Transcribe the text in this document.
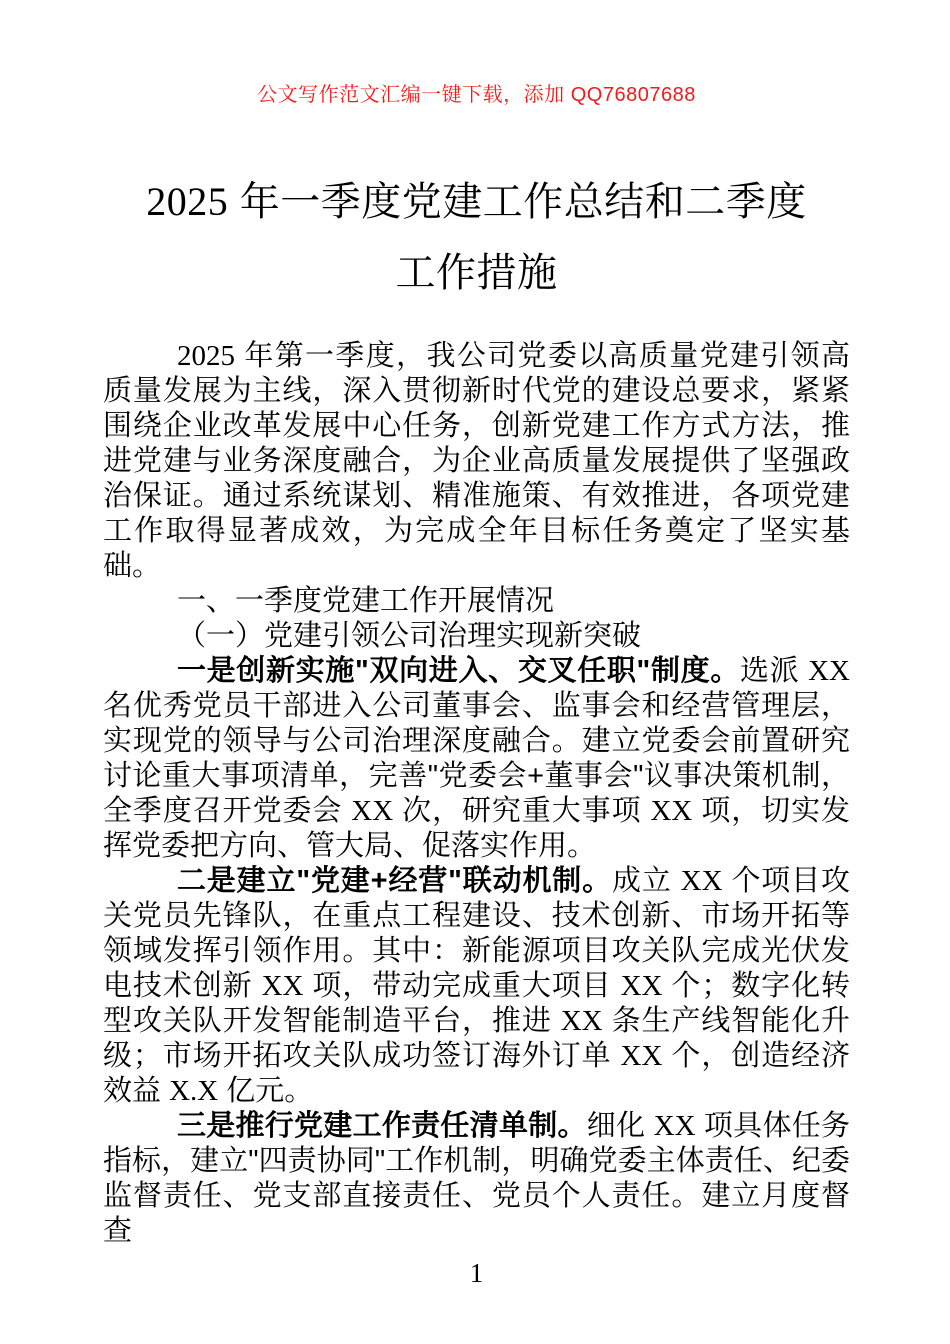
公文写作范文汇编一键下载，添加 QQ76807688
2025 年一季度党建工作总结和二季度工作措施

2025 年第一季度，我公司党委以高质量党建引领高质量发展为主线，深入贯彻新时代党的建设总要求，紧紧围绕企业改革发展中心任务，创新党建工作方式方法，推进党建与业务深度融合，为企业高质量发展提供了坚强政治保证。通过系统谋划、精准施策、有效推进，各项党建工作取得显著成效，为完成全年目标任务奠定了坚实基础。

一、一季度党建工作开展情况

（一）党建引领公司治理实现新突破

一是创新实施"双向进入、交叉任职"制度。选派 XX 名优秀党员干部进入公司董事会、监事会和经营管理层，实现党的领导与公司治理深度融合。建立党委会前置研究讨论重大事项清单，完善"党委会+董事会"议事决策机制，全季度召开党委会 XX 次，研究重大事项 XX 项，切实发挥党委把方向、管大局、促落实作用。

二是建立"党建+经营"联动机制。成立 XX 个项目攻关党员先锋队，在重点工程建设、技术创新、市场开拓等领域发挥引领作用。其中：新能源项目攻关队完成光伏发电技术创新 XX 项，带动完成重大项目 XX 个；数字化转型攻关队开发智能制造平台，推进 XX 条生产线智能化升级；市场开拓攻关队成功签订海外订单 XX 个，创造经济效益 X.X 亿元。

三是推行党建工作责任清单制。细化 XX 项具体任务指标，建立"四责协同"工作机制，明确党委主体责任、纪委监督责任、党支部直接责任、党员个人责任。建立月度督查

1
